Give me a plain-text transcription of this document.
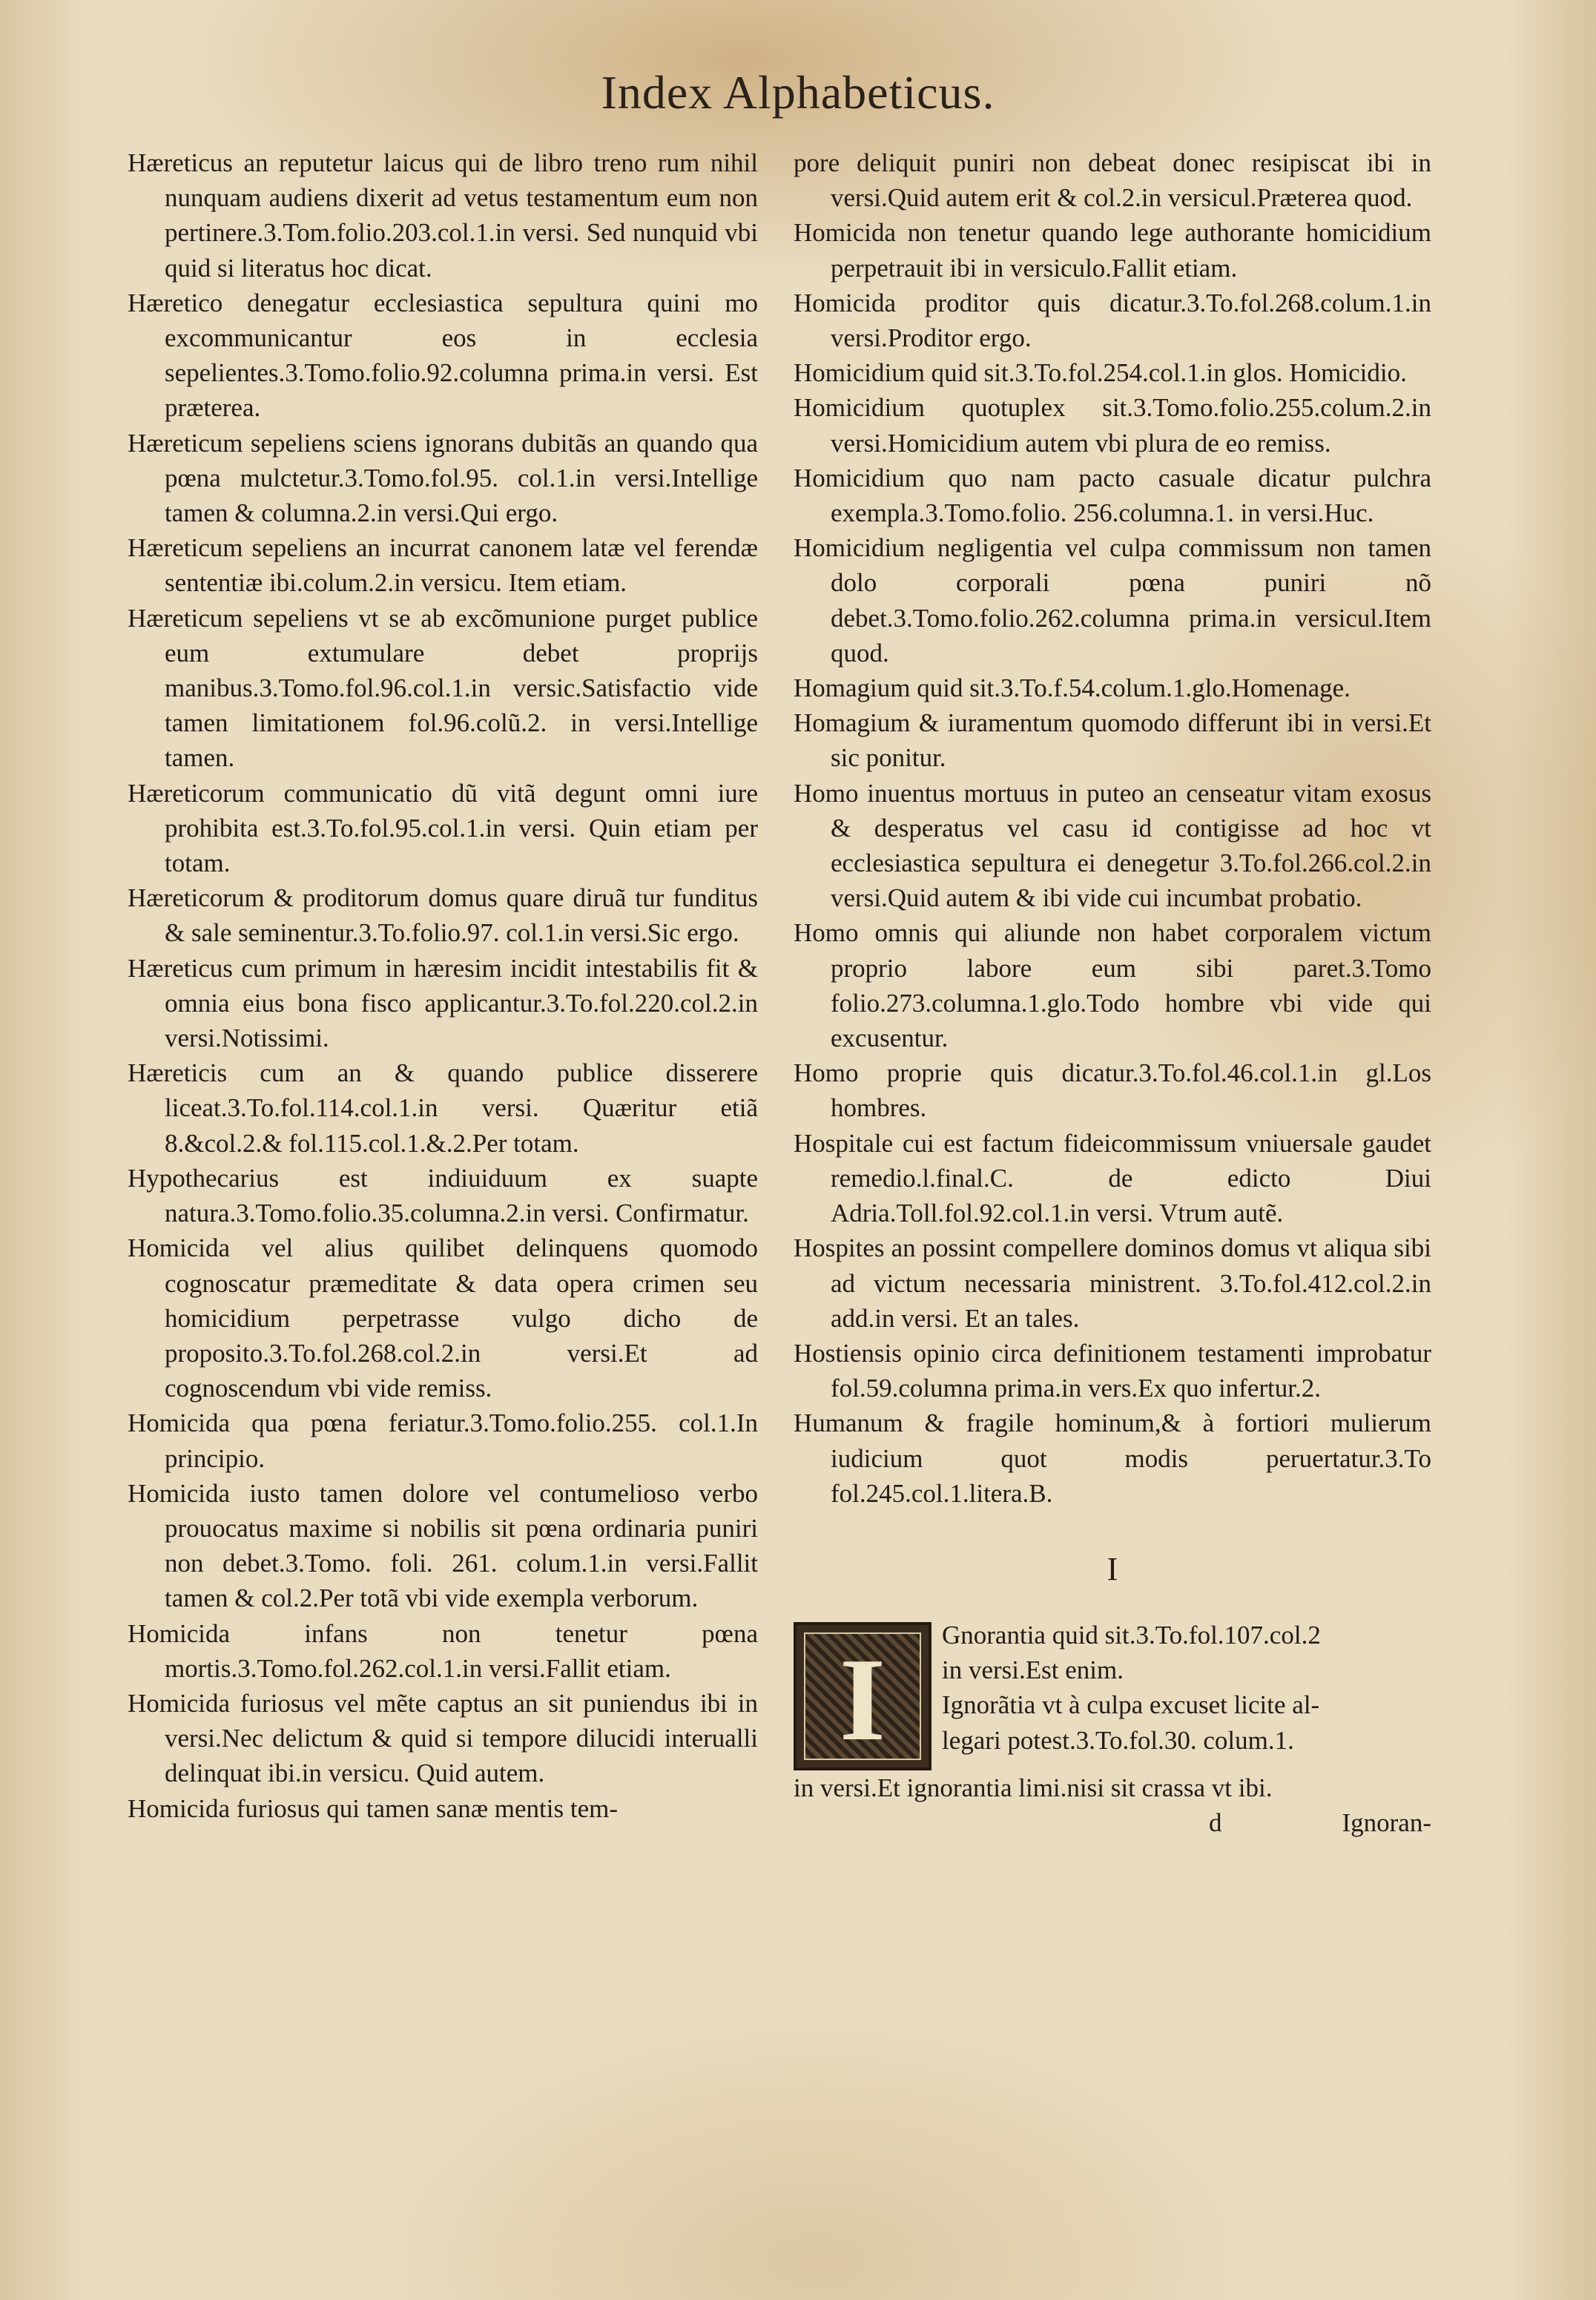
Index Alphabeticus.

Hæreticus an reputetur laicus qui de libro treno rum nihil nunquam audiens dixerit ad vetus testamentum eum non pertinere.3.Tom.folio.203.col.1.in versi. Sed nunquid vbi quid si literatus hoc dicat.

Hæretico denegatur ecclesiastica sepultura quini mo excommunicantur eos in ecclesia sepelientes.3.Tomo.folio.92.columna prima.in versi. Est præterea.

Hæreticum sepeliens sciens ignorans dubitãs an quando qua pœna mulctetur.3.Tomo.fol.95. col.1.in versi.Intellige tamen & columna.2.in versi.Qui ergo.

Hæreticum sepeliens an incurrat canonem latæ vel ferendæ sententiæ ibi.colum.2.in versicu. Item etiam.

Hæreticum sepeliens vt se ab excõmunione purget publice eum extumulare debet proprijs manibus.3.Tomo.fol.96.col.1.in versic.Satisfactio vide tamen limitationem fol.96.colũ.2. in versi.Intellige tamen.

Hæreticorum communicatio dũ vitã degunt omni iure prohibita est.3.To.fol.95.col.1.in versi. Quin etiam per totam.

Hæreticorum & proditorum domus quare diruã tur funditus & sale seminentur.3.To.folio.97. col.1.in versi.Sic ergo.

Hæreticus cum primum in hæresim incidit intestabilis fit & omnia eius bona fisco applicantur.3.To.fol.220.col.2.in versi.Notissimi.

Hæreticis cum an & quando publice disserere liceat.3.To.fol.114.col.1.in versi. Quæritur etiã 8.&col.2.& fol.115.col.1.&.2.Per totam.

Hypothecarius est indiuiduum ex suapte natura.3.Tomo.folio.35.columna.2.in versi. Confirmatur.

Homicida vel alius quilibet delinquens quomodo cognoscatur præmeditate & data opera crimen seu homicidium perpetrasse vulgo dicho de proposito.3.To.fol.268.col.2.in versi.Et ad cognoscendum vbi vide remiss.

Homicida qua pœna feriatur.3.Tomo.folio.255. col.1.In principio.

Homicida iusto tamen dolore vel contumelioso verbo prouocatus maxime si nobilis sit pœna ordinaria puniri non debet.3.Tomo. foli. 261. colum.1.in versi.Fallit tamen & col.2.Per totã vbi vide exempla verborum.

Homicida infans non tenetur pœna mortis.3.Tomo.fol.262.col.1.in versi.Fallit etiam.

Homicida furiosus vel mẽte captus an sit puniendus ibi in versi.Nec delictum & quid si tempore dilucidi interualli delinquat ibi.in versicu. Quid autem.

Homicida furiosus qui tamen sanæ mentis tem-

pore deliquit puniri non debeat donec resipiscat ibi in versi.Quid autem erit & col.2.in versicul.Præterea quod.

Homicida non tenetur quando lege authorante homicidium perpetrauit ibi in versiculo.Fallit etiam.

Homicida proditor quis dicatur.3.To.fol.268.colum.1.in versi.Proditor ergo.

Homicidium quid sit.3.To.fol.254.col.1.in glos. Homicidio.

Homicidium quotuplex sit.3.Tomo.folio.255.colum.2.in versi.Homicidium autem vbi plura de eo remiss.

Homicidium quo nam pacto casuale dicatur pulchra exempla.3.Tomo.folio. 256.columna.1. in versi.Huc.

Homicidium negligentia vel culpa commissum non tamen dolo corporali pœna puniri nõ debet.3.Tomo.folio.262.columna prima.in versicul.Item quod.

Homagium quid sit.3.To.f.54.colum.1.glo.Homenage.

Homagium & iuramentum quomodo differunt ibi in versi.Et sic ponitur.

Homo inuentus mortuus in puteo an censeatur vitam exosus & desperatus vel casu id contigisse ad hoc vt ecclesiastica sepultura ei denegetur 3.To.fol.266.col.2.in versi.Quid autem & ibi vide cui incumbat probatio.

Homo omnis qui aliunde non habet corporalem victum proprio labore eum sibi paret.3.Tomo folio.273.columna.1.glo.Todo hombre vbi vide qui excusentur.

Homo proprie quis dicatur.3.To.fol.46.col.1.in gl.Los hombres.

Hospitale cui est factum fideicommissum vniuersale gaudet remedio.l.final.C. de edicto Diui Adria.Toll.fol.92.col.1.in versi. Vtrum autẽ.

Hospites an possint compellere dominos domus vt aliqua sibi ad victum necessaria ministrent. 3.To.fol.412.col.2.in add.in versi. Et an tales.

Hostiensis opinio circa definitionem testamenti improbatur fol.59.columna prima.in vers.Ex quo infertur.2.

Humanum & fragile hominum,& à fortiori mulierum iudicium quot modis peruertatur.3.To fol.245.col.1.litera.B.

I
I	Gnorantia quid sit.3.To.fol.107.col.2

in versi.Est enim.

Ignorãtia vt à culpa excuset licite al-

legari potest.3.To.fol.30. colum.1.

in versi.Et ignorantia limi.nisi sit crassa vt ibi.

d	Ignoran-
